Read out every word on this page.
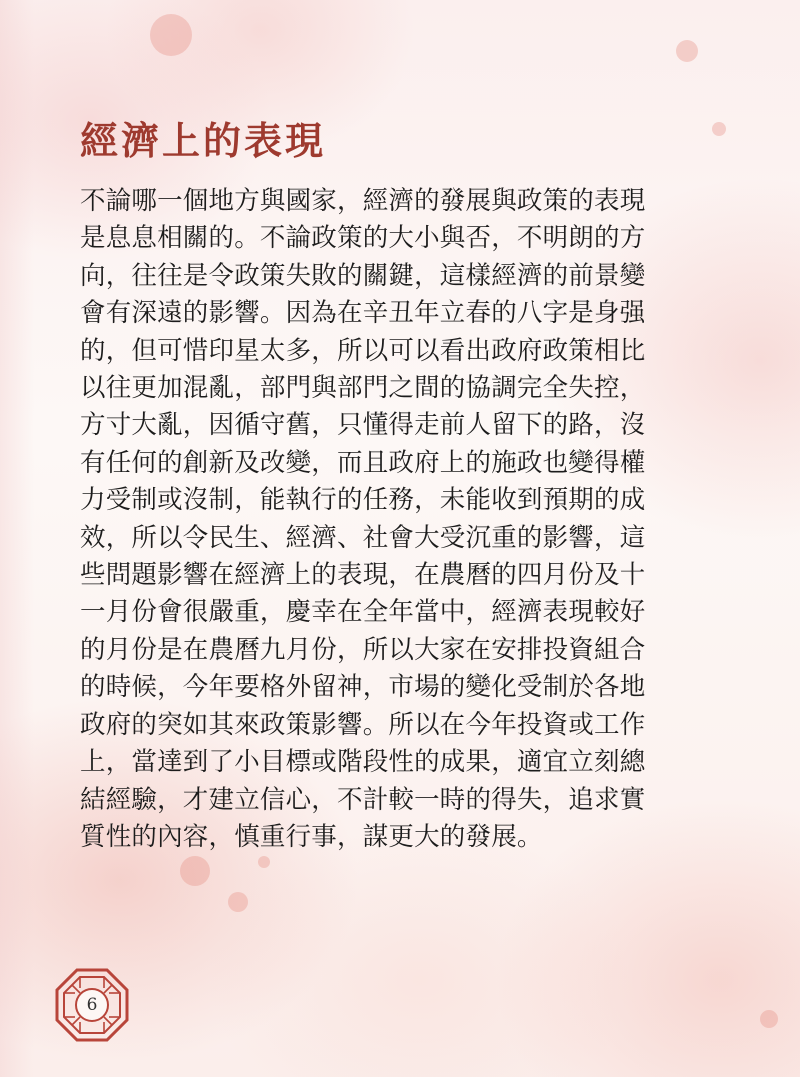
經濟上的表現

不論哪一個地方與國家，經濟的發展與政策的表現
是息息相關的。不論政策的大小與否，不明朗的方
向，往往是令政策失敗的關鍵，這樣經濟的前景變
會有深遠的影響。因為在辛丑年立春的八字是身强
的，但可惜印星太多，所以可以看出政府政策相比
以往更加混亂，部門與部門之間的協調完全失控，
方寸大亂，因循守舊，只懂得走前人留下的路，沒
有任何的創新及改變，而且政府上的施政也變得權
力受制或沒制，能執行的任務，未能收到預期的成
效，所以令民生、經濟、社會大受沉重的影響，這
些問題影響在經濟上的表現，在農曆的四月份及十
一月份會很嚴重，慶幸在全年當中，經濟表現較好
的月份是在農曆九月份，所以大家在安排投資組合
的時候，今年要格外留神，市場的變化受制於各地
政府的突如其來政策影響。所以在今年投資或工作
上，當達到了小目標或階段性的成果，適宜立刻總
結經驗，才建立信心，不計較一時的得失，追求實
質性的內容，慎重行事，謀更大的發展。

6
